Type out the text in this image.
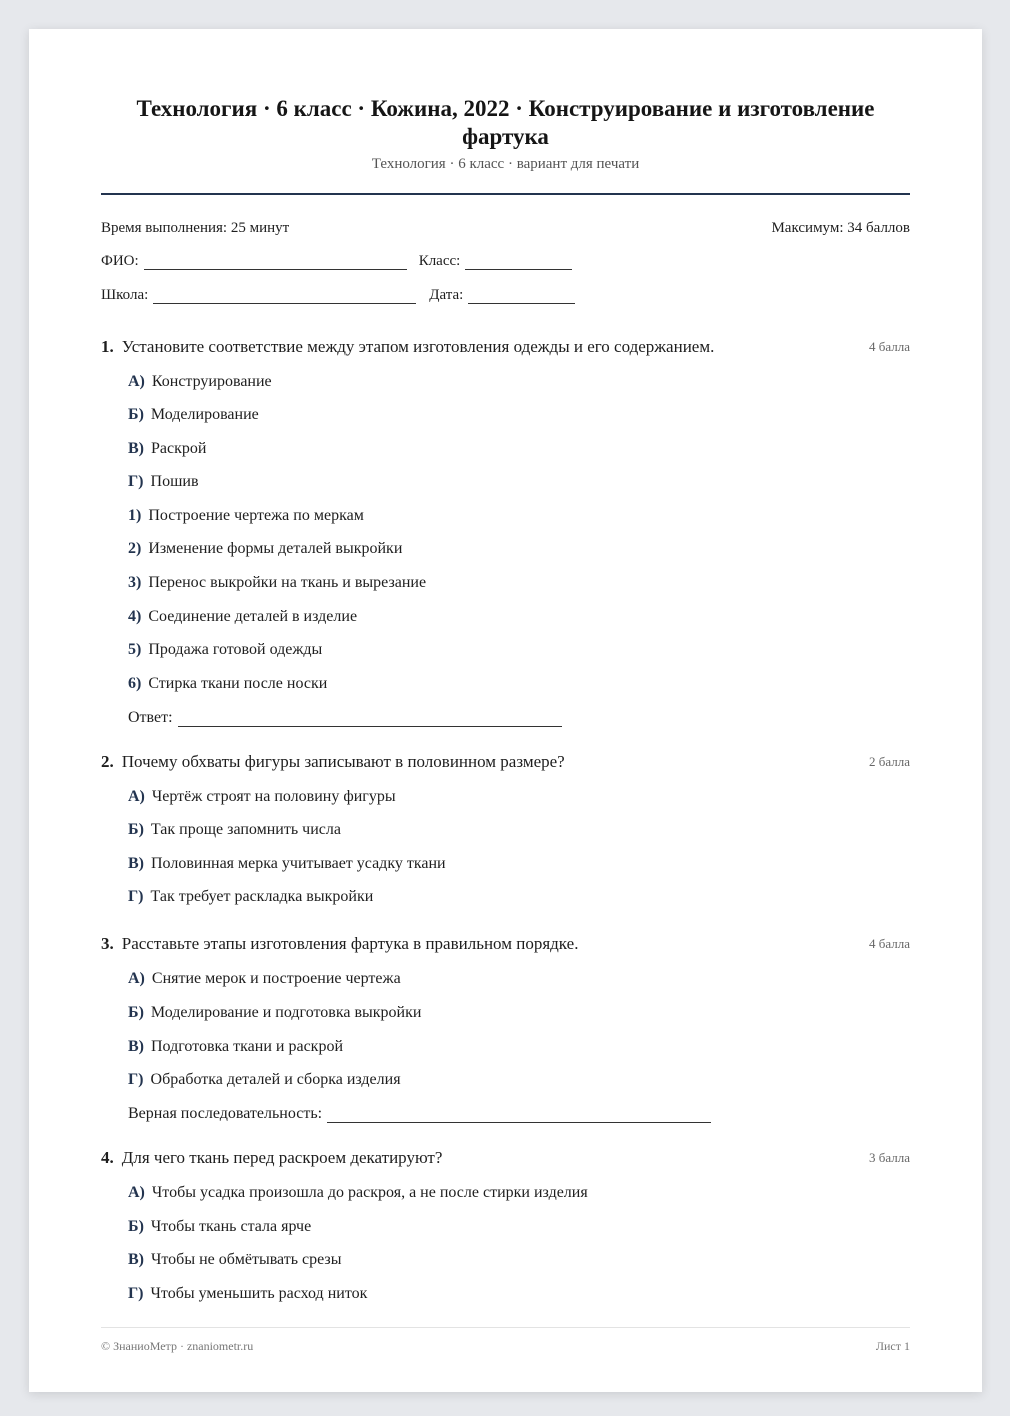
Технология · 6 класс · Кожина, 2022 · Конструирование и изготовление фартука
Технология · 6 класс · вариант для печати
Время выполнения: 25 минут	Максимум: 34 баллов
ФИО:	Класс:
Школа:	Дата:
1. Установите соответствие между этапом изготовления одежды и его содержанием.	4 балла
А) Конструирование
Б) Моделирование
В) Раскрой
Г) Пошив
1) Построение чертежа по меркам
2) Изменение формы деталей выкройки
3) Перенос выкройки на ткань и вырезание
4) Соединение деталей в изделие
5) Продажа готовой одежды
6) Стирка ткани после носки
Ответ:
2. Почему обхваты фигуры записывают в половинном размере?	2 балла
А) Чертёж строят на половину фигуры
Б) Так проще запомнить числа
В) Половинная мерка учитывает усадку ткани
Г) Так требует раскладка выкройки
3. Расставьте этапы изготовления фартука в правильном порядке.	4 балла
А) Снятие мерок и построение чертежа
Б) Моделирование и подготовка выкройки
В) Подготовка ткани и раскрой
Г) Обработка деталей и сборка изделия
Верная последовательность:
4. Для чего ткань перед раскроем декатируют?	3 балла
А) Чтобы усадка произошла до раскроя, а не после стирки изделия
Б) Чтобы ткань стала ярче
В) Чтобы не обмётывать срезы
Г) Чтобы уменьшить расход ниток
© ЗнаниоМетр · znaniometr.ru	Лист 1
